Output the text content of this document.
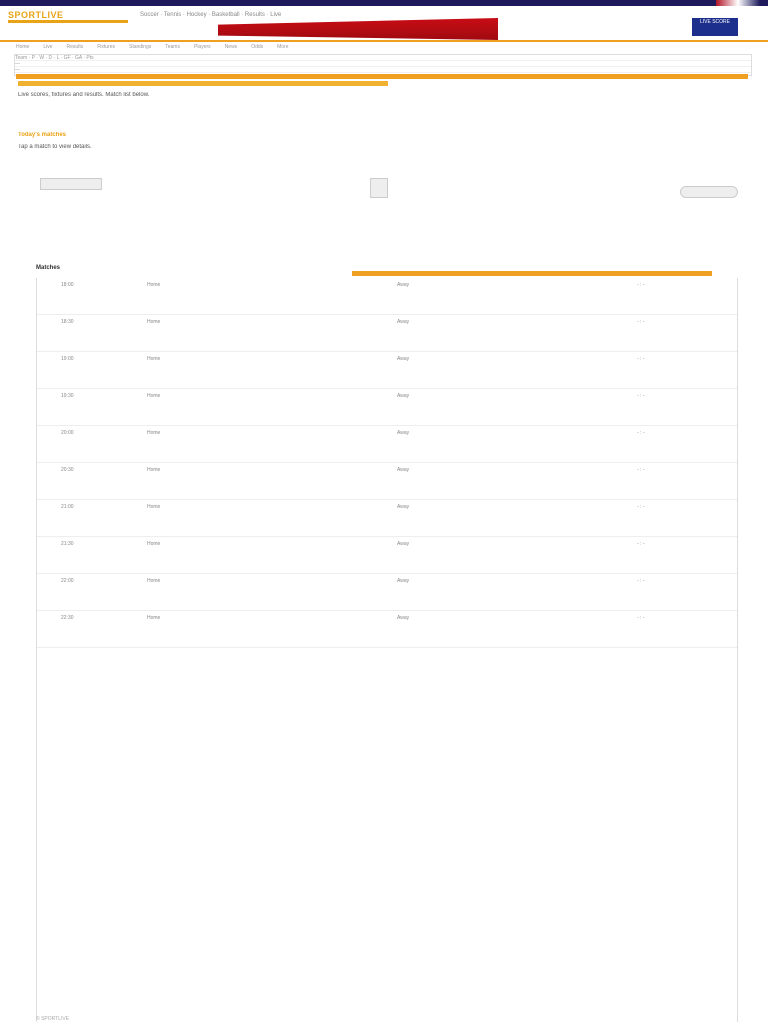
SPORTLIVE	Soccer · Tennis · Hockey · Basketball · Results · Live
LIVE SCORE
Home	Live	Results	Fixtures	Standings	Teams	Players	News	Odds	More
Team · P · W · D · L · GF · GA · Pts
—
—
Live scores, fixtures and results. Match list below.
Today's matches
Tap a match to view details.
Matches
18:00	Home	Away	- : -
18:30	Home	Away	- : -
19:00	Home	Away	- : -
19:30	Home	Away	- : -
20:00	Home	Away	- : -
20:30	Home	Away	- : -
21:00	Home	Away	- : -
21:30	Home	Away	- : -
22:00	Home	Away	- : -
22:30	Home	Away	- : -
© SPORTLIVE
